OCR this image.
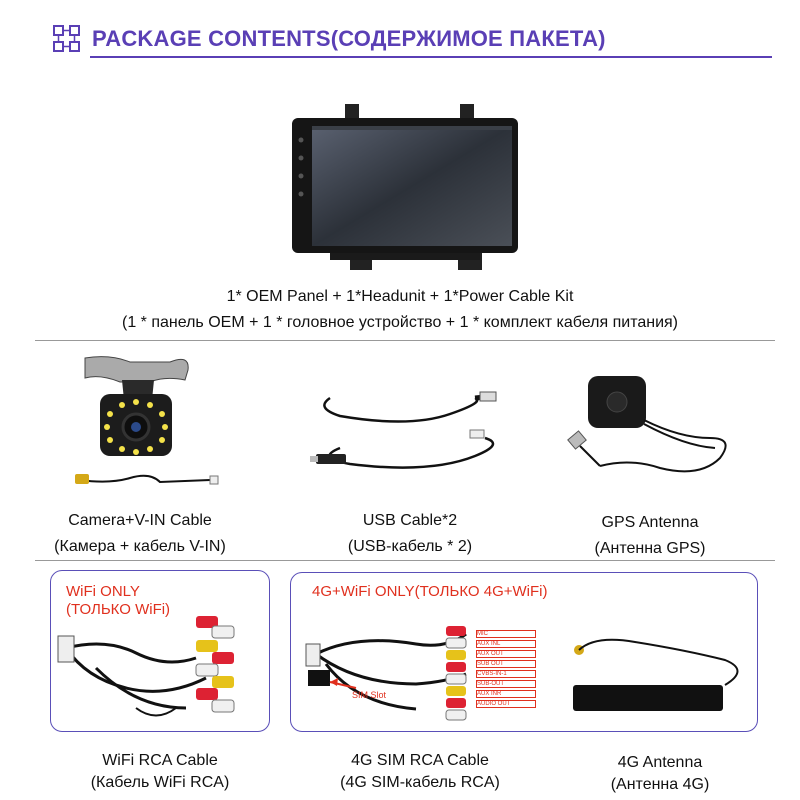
PACKAGE CONTENTS(СОДЕРЖИМОЕ ПАКЕТА)
1* OEM Panel + 1*Headunit + 1*Power Cable Kit
(1 * панель OEM + 1 * головное устройство + 1 * комплект кабеля питания)
Camera+V-IN Cable
(Камера + кабель V-IN)
USB Cable*2
(USB-кабель * 2)
GPS Antenna
(Антенна GPS)
WiFi ONLY
(ТОЛЬКО WiFi)
WiFi RCA Cable
(Кабель WiFi RCA)
4G+WiFi ONLY(ТОЛЬКО 4G+WiFi)
SIM Slot
MIC
AUX INL
AUX OUT
SUB OUT
CVBS-IN-1
SUB-OUT
AUX INR
AUDIO OUT
4G SIM RCA Cable
(4G SIM-кабель RCA)
4G Antenna
(Антенна 4G)
